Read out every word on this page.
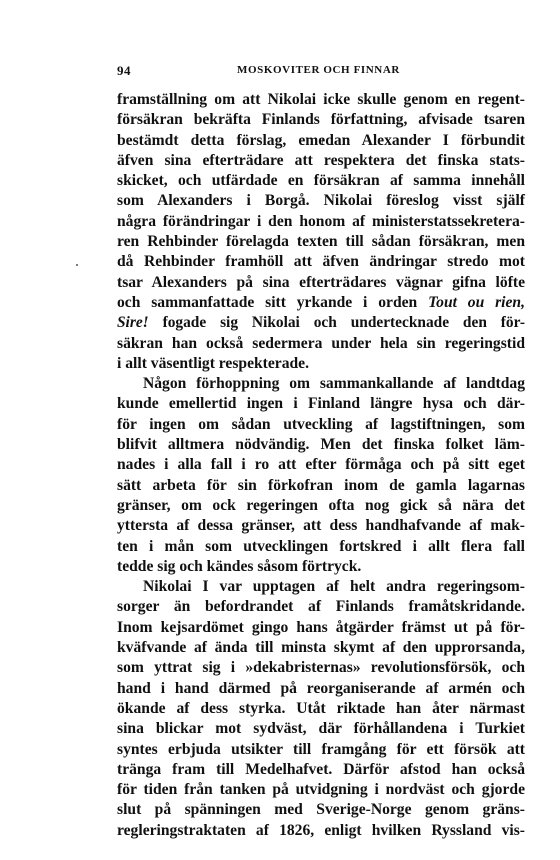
94	MOSKOVITER OCH FINNAR
framställning om att Nikolai icke skulle genom en regent-
försäkran bekräfta Finlands författning, afvisade tsaren
bestämdt detta förslag, emedan Alexander I förbundit
äfven sina efterträdare att respektera det finska stats-
skicket, och utfärdade en försäkran af samma innehåll
som Alexanders i Borgå. Nikolai föreslog visst själf
några förändringar i den honom af ministerstatssekretera-
ren Rehbinder förelagda texten till sådan försäkran, men
då Rehbinder framhöll att äfven ändringar stredo mot
tsar Alexanders på sina efterträdares vägnar gifna löfte
och sammanfattade sitt yrkande i orden Tout ou rien,
Sire! fogade sig Nikolai och undertecknade den för-
säkran han också sedermera under hela sin regeringstid
i allt väsentligt respekterade.
Någon förhoppning om sammankallande af landtdag
kunde emellertid ingen i Finland längre hysa och där-
för ingen om sådan utveckling af lagstiftningen, som
blifvit alltmera nödvändig. Men det finska folket läm-
nades i alla fall i ro att efter förmåga och på sitt eget
sätt arbeta för sin förkofran inom de gamla lagarnas
gränser, om ock regeringen ofta nog gick så nära det
yttersta af dessa gränser, att dess handhafvande af mak-
ten i mån som utvecklingen fortskred i allt flera fall
tedde sig och kändes såsom förtryck.
Nikolai I var upptagen af helt andra regeringsom-
sorger än befordrandet af Finlands framåtskridande.
Inom kejsardömet gingo hans åtgärder främst ut på för-
kväfvande af ända till minsta skymt af den upprorsanda,
som yttrat sig i »dekabristernas» revolutionsförsök, och
hand i hand därmed på reorganiserande af armén och
ökande af dess styrka. Utåt riktade han åter närmast
sina blickar mot sydväst, där förhållandena i Turkiet
syntes erbjuda utsikter till framgång för ett försök att
tränga fram till Medelhafvet. Därför afstod han också
för tiden från tanken på utvidgning i nordväst och gjorde
slut på spänningen med Sverige-Norge genom gräns-
regleringstraktaten af 1826, enligt hvilken Ryssland vis-
